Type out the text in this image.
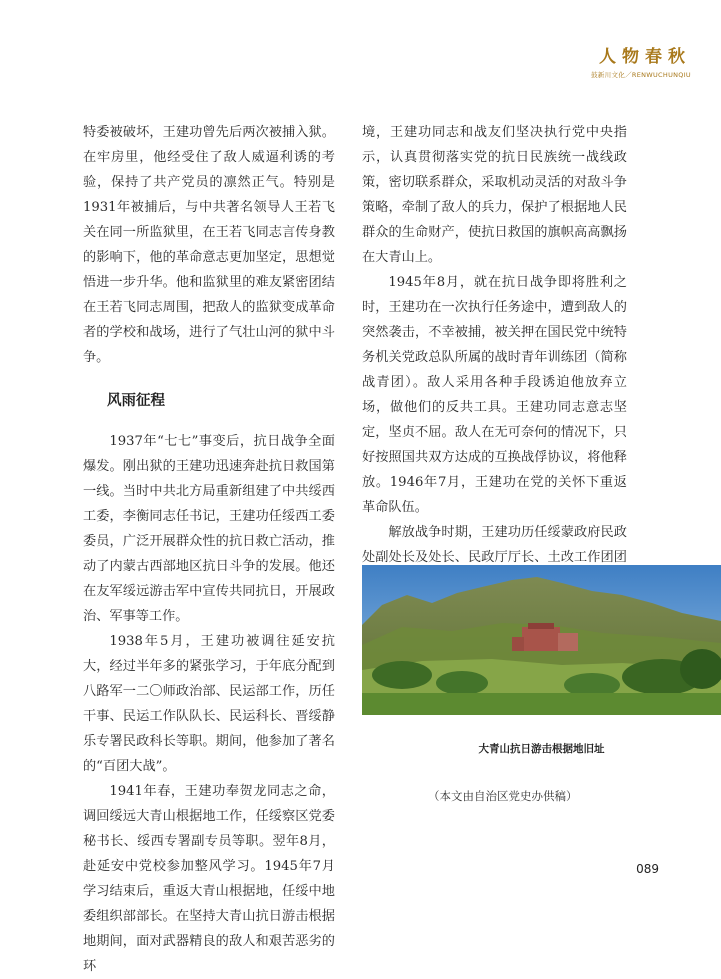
人物春秋
鼓新川文化／RENWUCHUNQIU

特委被破坏，王建功曾先后两次被捕入狱。在牢房里，他经受住了敌人威逼利诱的考验，保持了共产党员的凛然正气。特别是1931年被捕后，与中共著名领导人王若飞关在同一所监狱里，在王若飞同志言传身教的影响下，他的革命意志更加坚定，思想觉悟进一步升华。他和监狱里的难友紧密团结在王若飞同志周围，把敌人的监狱变成革命者的学校和战场，进行了气壮山河的狱中斗争。

风雨征程

1937年“七七”事变后，抗日战争全面爆发。刚出狱的王建功迅速奔赴抗日救国第一线。当时中共北方局重新组建了中共绥西工委，李衡同志任书记，王建功任绥西工委委员，广泛开展群众性的抗日救亡活动，推动了内蒙古西部地区抗日斗争的发展。他还在友军绥远游击军中宣传共同抗日，开展政治、军事等工作。

1938年5月，王建功被调往延安抗大，经过半年多的紧张学习，于年底分配到八路军一二〇师政治部、民运部工作，历任干事、民运工作队队长、民运科长、晋绥静乐专署民政科长等职。期间，他参加了著名的“百团大战”。

1941年春，王建功奉贺龙同志之命，调回绥远大青山根据地工作，任绥察区党委秘书长、绥西专署副专员等职。翌年8月，赴延安中党校参加整风学习。1945年7月学习结束后，重返大青山根据地，任绥中地委组织部部长。在坚持大青山抗日游击根据地期间，面对武器精良的敌人和艰苦恶劣的环

境，王建功同志和战友们坚决执行党中央指示，认真贯彻落实党的抗日民族统一战线政策，密切联系群众，采取机动灵活的对敌斗争策略，牵制了敌人的兵力，保护了根据地人民群众的生命财产，使抗日救国的旗帜高高飘扬在大青山上。

1945年8月，就在抗日战争即将胜利之时，王建功在一次执行任务途中，遭到敌人的突然袭击，不幸被捕，被关押在国民党中统特务机关党政总队所属的战时青年训练团（简称战青团）。敌人采用各种手段诱迫他放弃立场，做他们的反共工具。王建功同志意志坚定，坚贞不屈。敌人在无可奈何的情况下，只好按照国共双方达成的互换战俘协议，将他释放。1946年7月，王建功在党的关怀下重返革命队伍。

解放战争时期，王建功历任绥蒙政府民政处副处长及处长、民政厅厅长、土改工作团团

大青山抗日游击根据地旧址
（本文由自治区党史办供稿）
089
